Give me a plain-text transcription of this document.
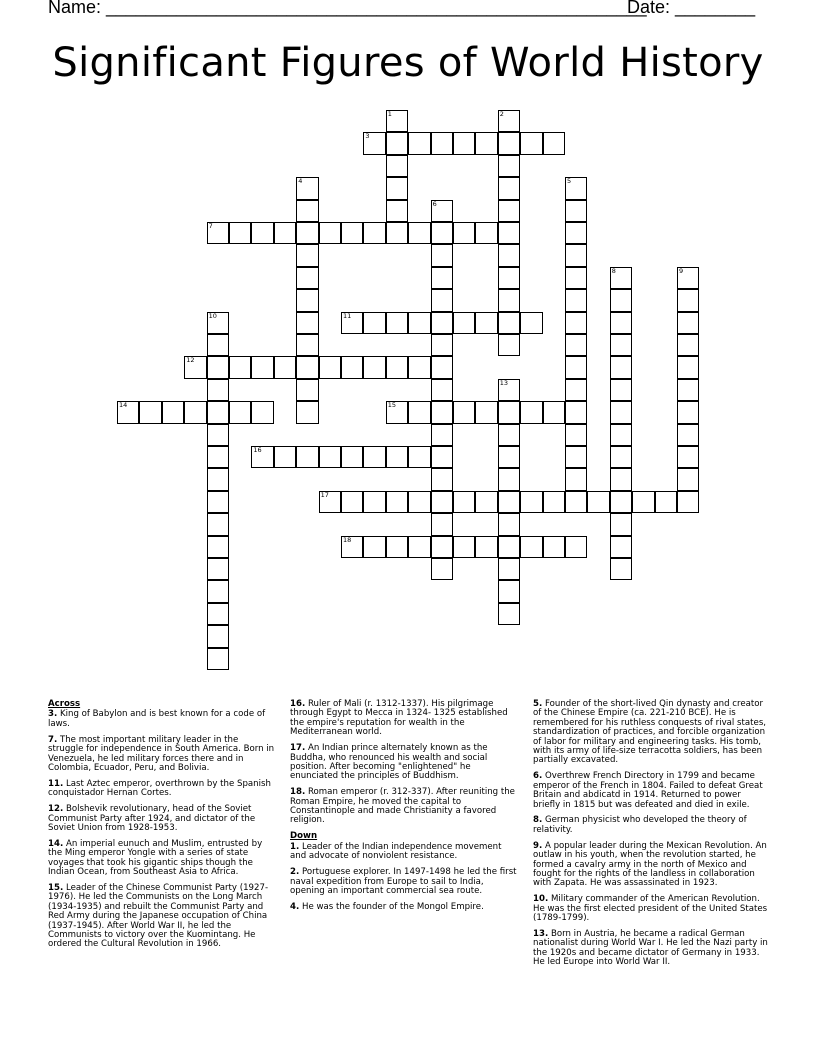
Name: ______________________________________________________
Date: ________
Significant Figures of World History
1	2
3
4	5
6
7
8	9
10	11
12
13
14	15
16
17
18
Across
3. King of Babylon and is best known for a code of laws.
7. The most important military leader in the struggle for independence in South America. Born in Venezuela, he led military forces there and in Colombia, Ecuador, Peru, and Bolivia.
11. Last Aztec emperor, overthrown by the Spanish conquistador Hernan Cortes.
12. Bolshevik revolutionary, head of the Soviet Communist Party after 1924, and dictator of the Soviet Union from 1928-1953.
14. An imperial eunuch and Muslim, entrusted by the Ming emperor Yongle with a series of state voyages that took his gigantic ships though the Indian Ocean, from Southeast Asia to Africa.
15. Leader of the Chinese Communist Party (1927-1976). He led the Communists on the Long March (1934-1935) and rebuilt the Communist Party and Red Army during the Japanese occupation of China (1937-1945). After World War II, he led the Communists to victory over the Kuomintang. He ordered the Cultural Revolution in 1966.
16. Ruler of Mali (r. 1312-1337). His pilgrimage through Egypt to Mecca in 1324- 1325 established the empire's reputation for wealth in the Mediterranean world.
17. An Indian prince alternately known as the Buddha, who renounced his wealth and social position. After becoming "enlightened" he enunciated the principles of Buddhism.
18. Roman emperor (r. 312-337). After reuniting the Roman Empire, he moved the capital to Constantinople and made Christianity a favored religion.
Down
1. Leader of the Indian independence movement and advocate of nonviolent resistance.
2. Portuguese explorer. In 1497-1498 he led the first naval expedition from Europe to sail to India, opening an important commercial sea route.
4. He was the founder of the Mongol Empire.
5. Founder of the short-lived Qin dynasty and creator of the Chinese Empire (ca. 221-210 BCE). He is remembered for his ruthless conquests of rival states, standardization of practices, and forcible organization of labor for military and engineering tasks. His tomb, with its army of life-size terracotta soldiers, has been partially excavated.
6. Overthrew French Directory in 1799 and became emperor of the French in 1804. Failed to defeat Great Britain and abdicatd in 1914. Returned to power briefly in 1815 but was defeated and died in exile.
8. German physicist who developed the theory of relativity.
9. A popular leader during the Mexican Revolution. An outlaw in his youth, when the revolution started, he formed a cavalry army in the north of Mexico and fought for the rights of the landless in collaboration with Zapata. He was assassinated in 1923.
10. Military commander of the American Revolution. He was the first elected president of the United States (1789-1799).
13. Born in Austria, he became a radical German nationalist during World War I. He led the Nazi party in the 1920s and became dictator of Germany in 1933. He led Europe into World War II.
